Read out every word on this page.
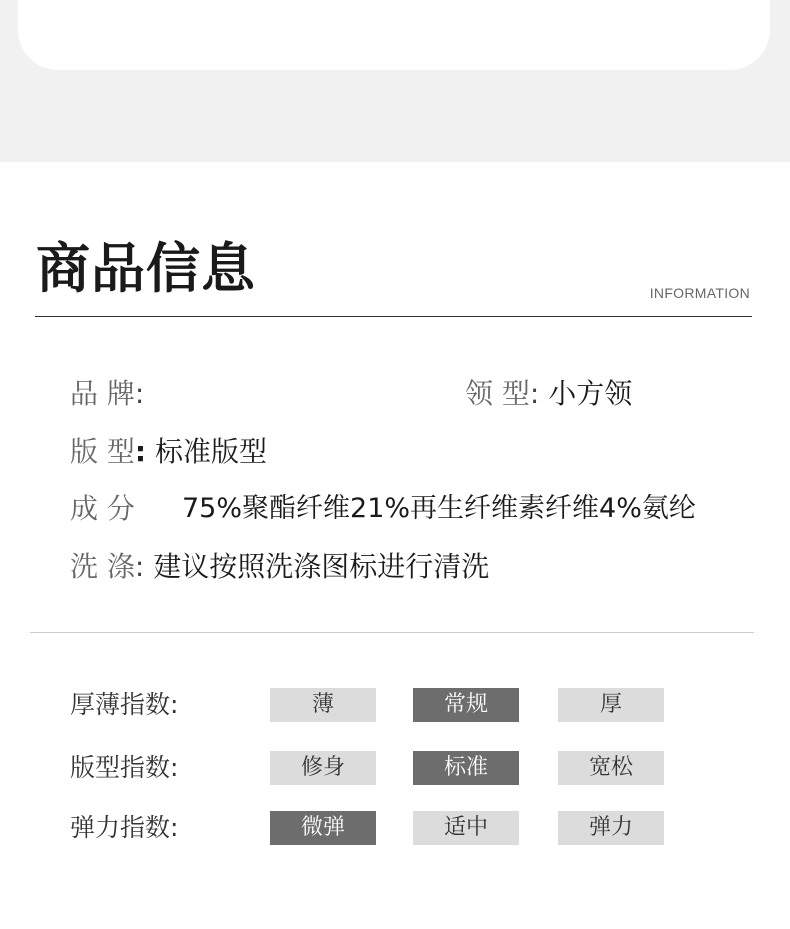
商品信息	INFORMATION
品 牌:	领 型: 小方领
版 型: 标准版型
成 分 75%聚酯纤维21%再生纤维素纤维4%氨纶
洗 涤: 建议按照洗涤图标进行清洗
厚薄指数:	薄	常规	厚
版型指数:	修身	标准	宽松
弹力指数:	微弹	适中	弹力
